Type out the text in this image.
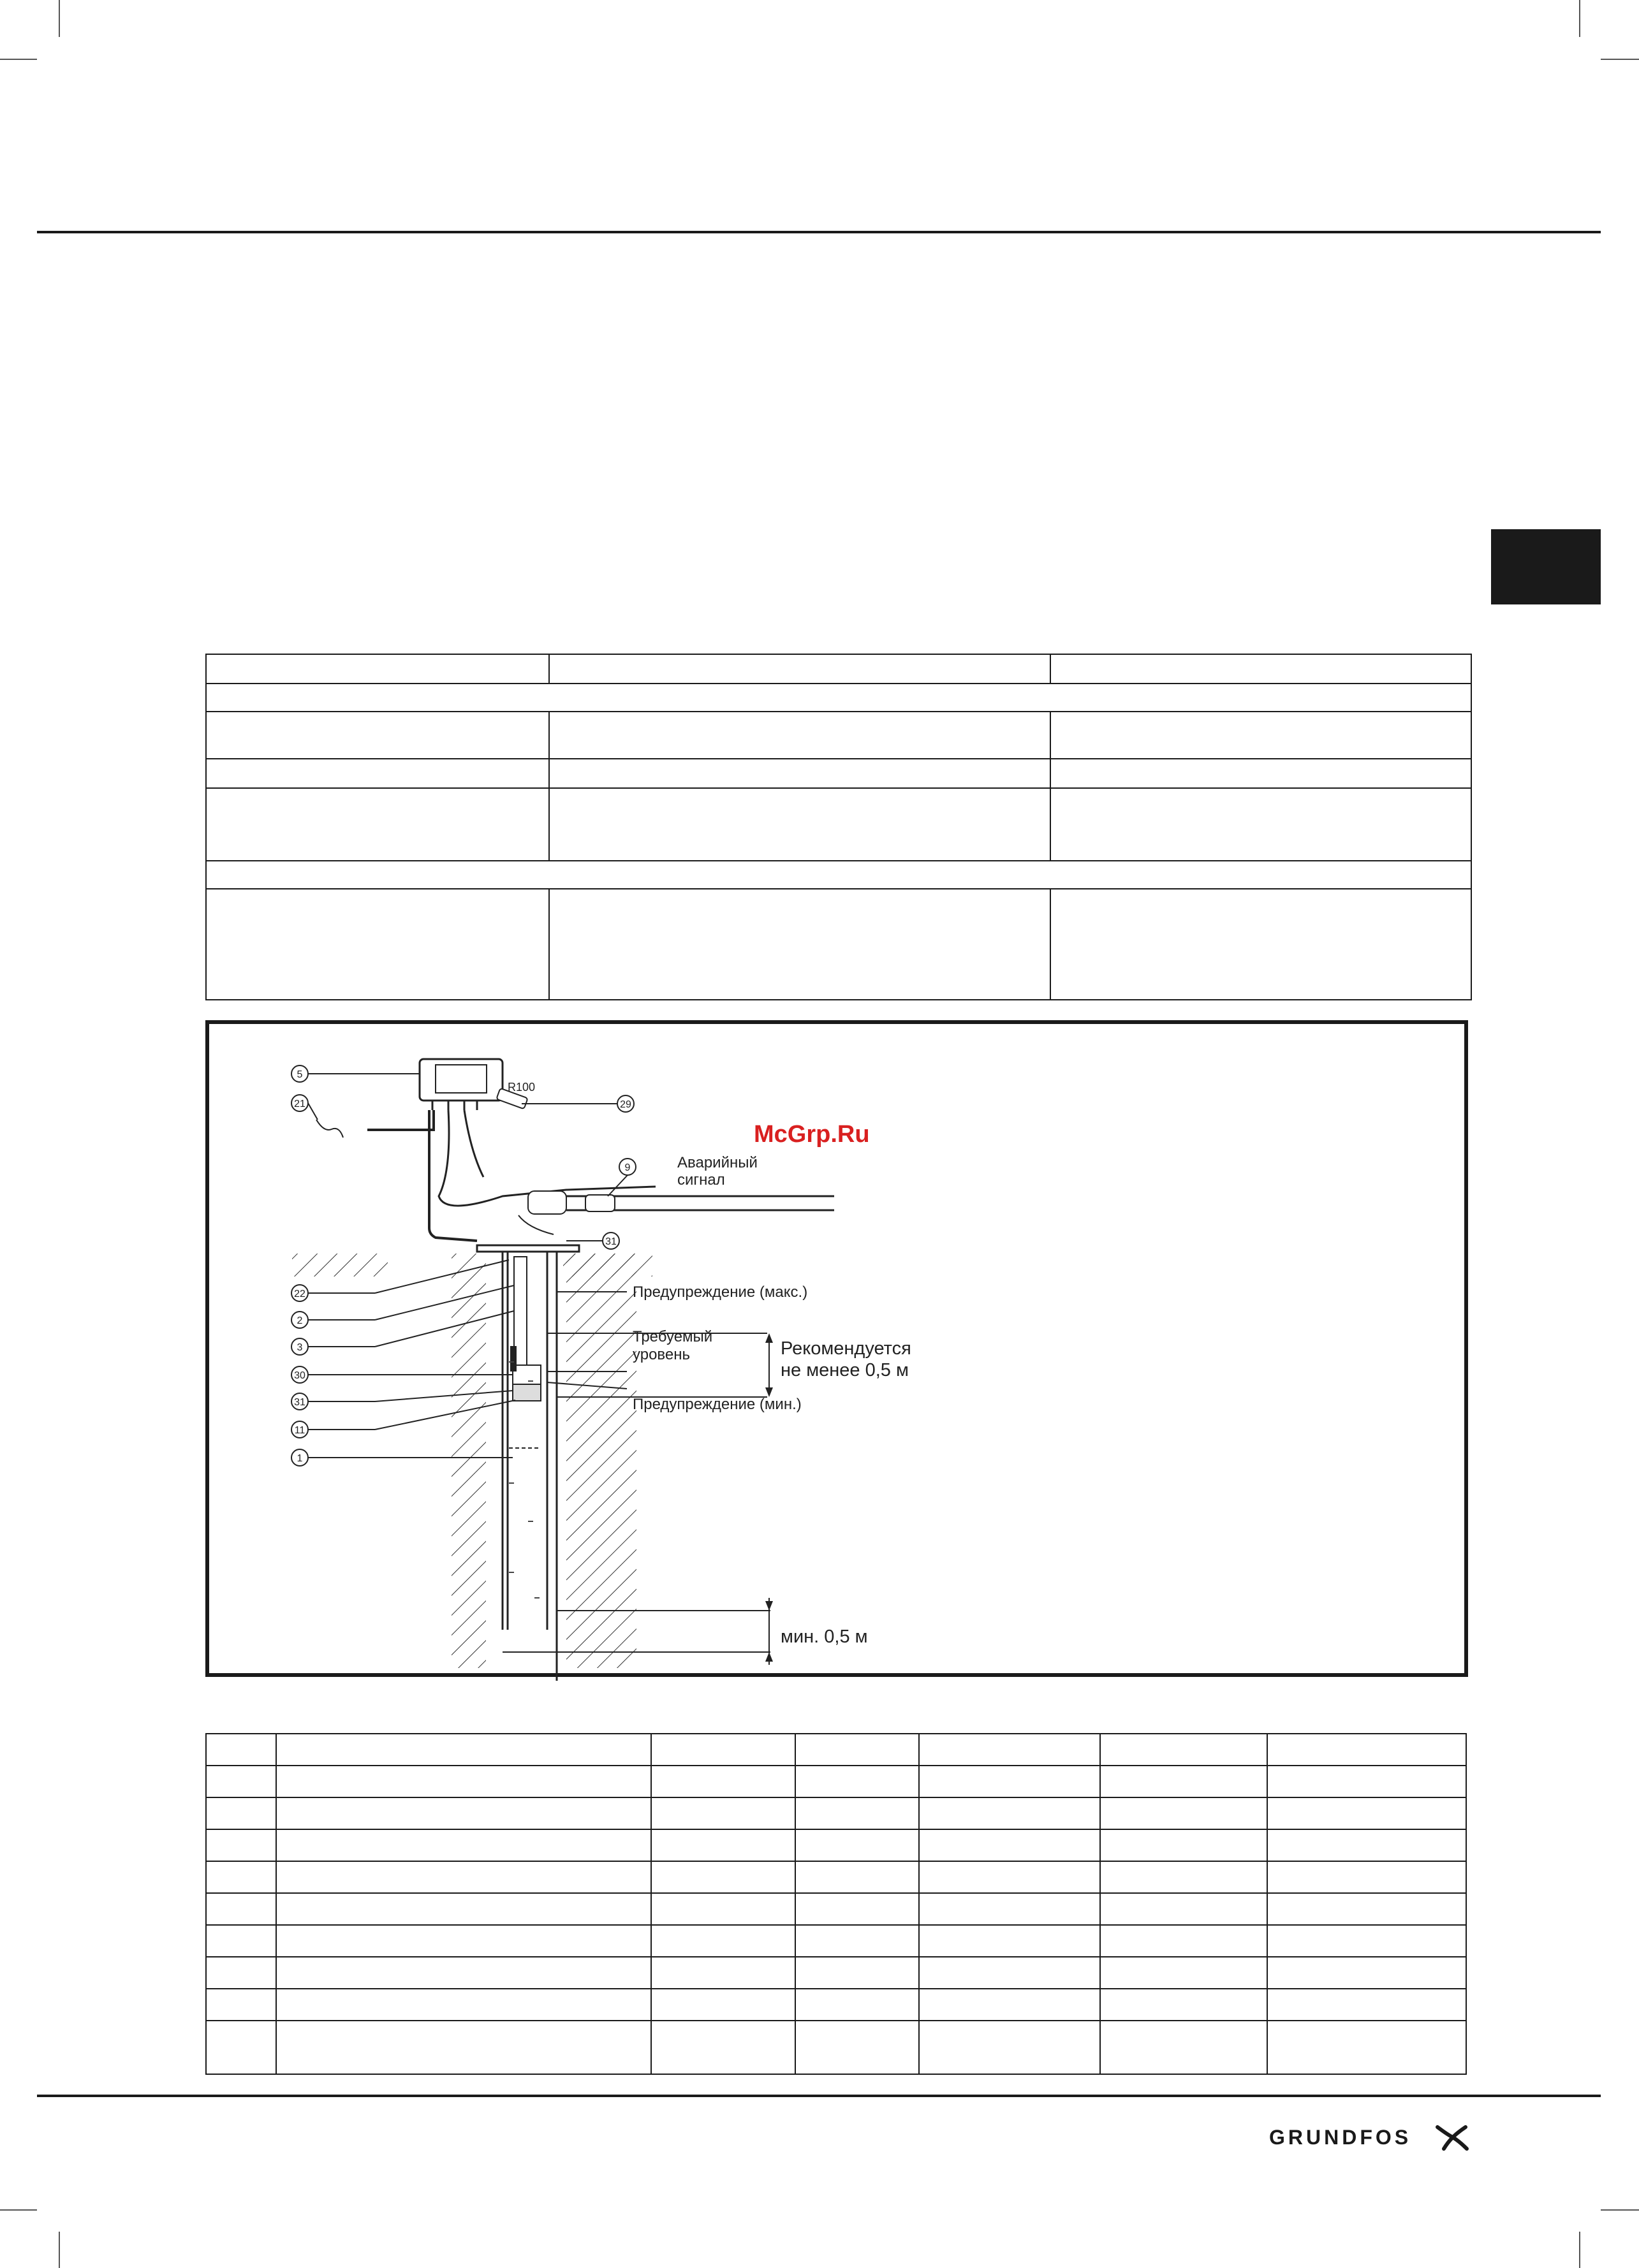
5
21	29
9
31
22
2
3
30
31
11
1
R100
Аварийный
сигнал
Предупреждение (макс.)
Требуемый
уровень	Рекомендуется
не менее 0,5 м
Предупреждение (мин.)
мин. 0,5 м
McGrp.Ru

GRUNDFOS
